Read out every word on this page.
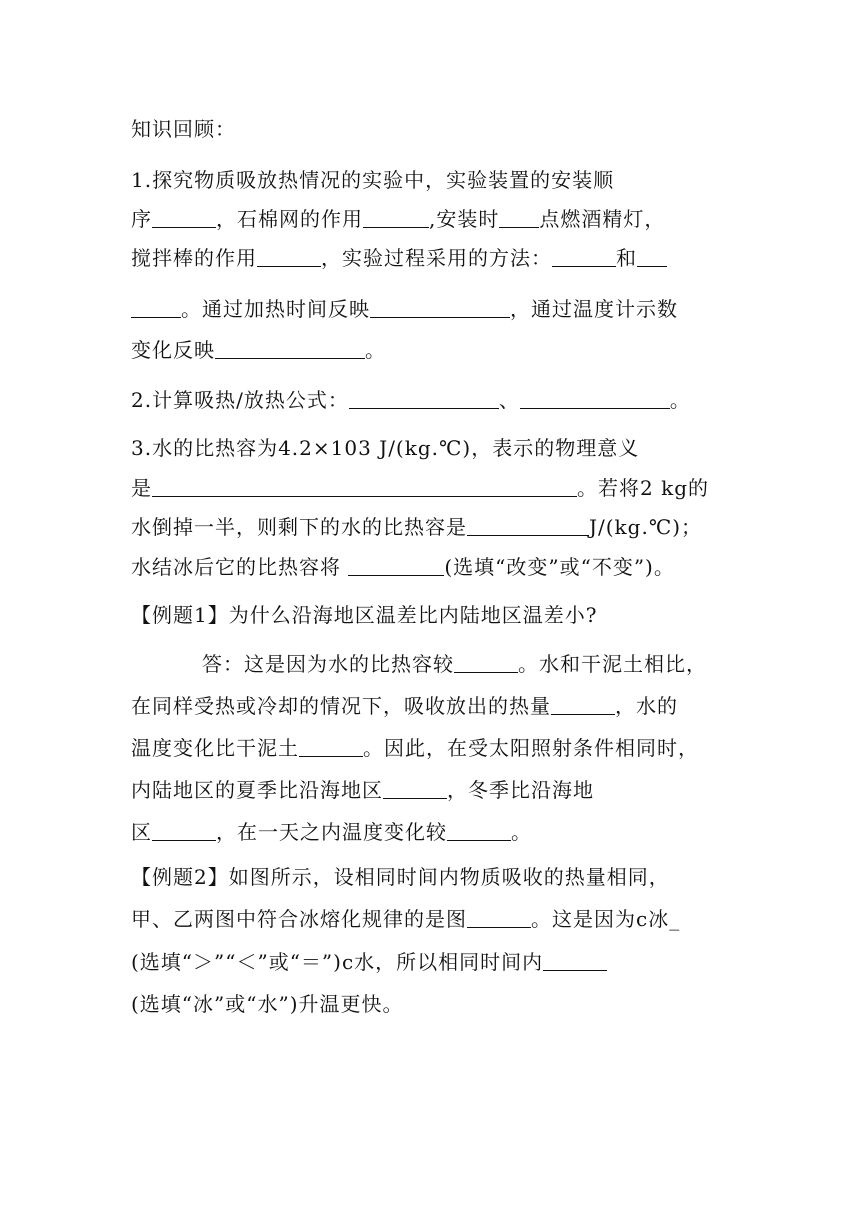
知识回顾：
1.探究物质吸放热情况的实验中，实验装置的安装顺
序	，石棉网的作用	,安装时 点燃酒精灯，
搅拌棒的作用	，实验过程采用的方法：	和
。通过加热时间反映	，通过温度计示数
变化反映	。
2.计算吸热/放热公式：	、	。
3.水的比热容为4.2×103 J/(kg.℃)，表示的物理意义
是	。若将2 kg的
水倒掉一半，则剩下的水的比热容是	J/(kg.℃)；
水结冰后它的比热容将	(选填“改变”或“不变”)。
【例题1】为什么沿海地区温差比内陆地区温差小?
答：这是因为水的比热容较	。水和干泥土相比，
在同样受热或冷却的情况下，吸收放出的热量	，水的
温度变化比干泥土	。因此，在受太阳照射条件相同时，
内陆地区的夏季比沿海地区	，冬季比沿海地
区	，在一天之内温度变化较	。
【例题2】如图所示，设相同时间内物质吸收的热量相同，
甲、乙两图中符合冰熔化规律的是图	。这是因为c冰_
(选填“＞”“＜”或“＝”)c水，所以相同时间内
(选填“冰”或“水”)升温更快。
